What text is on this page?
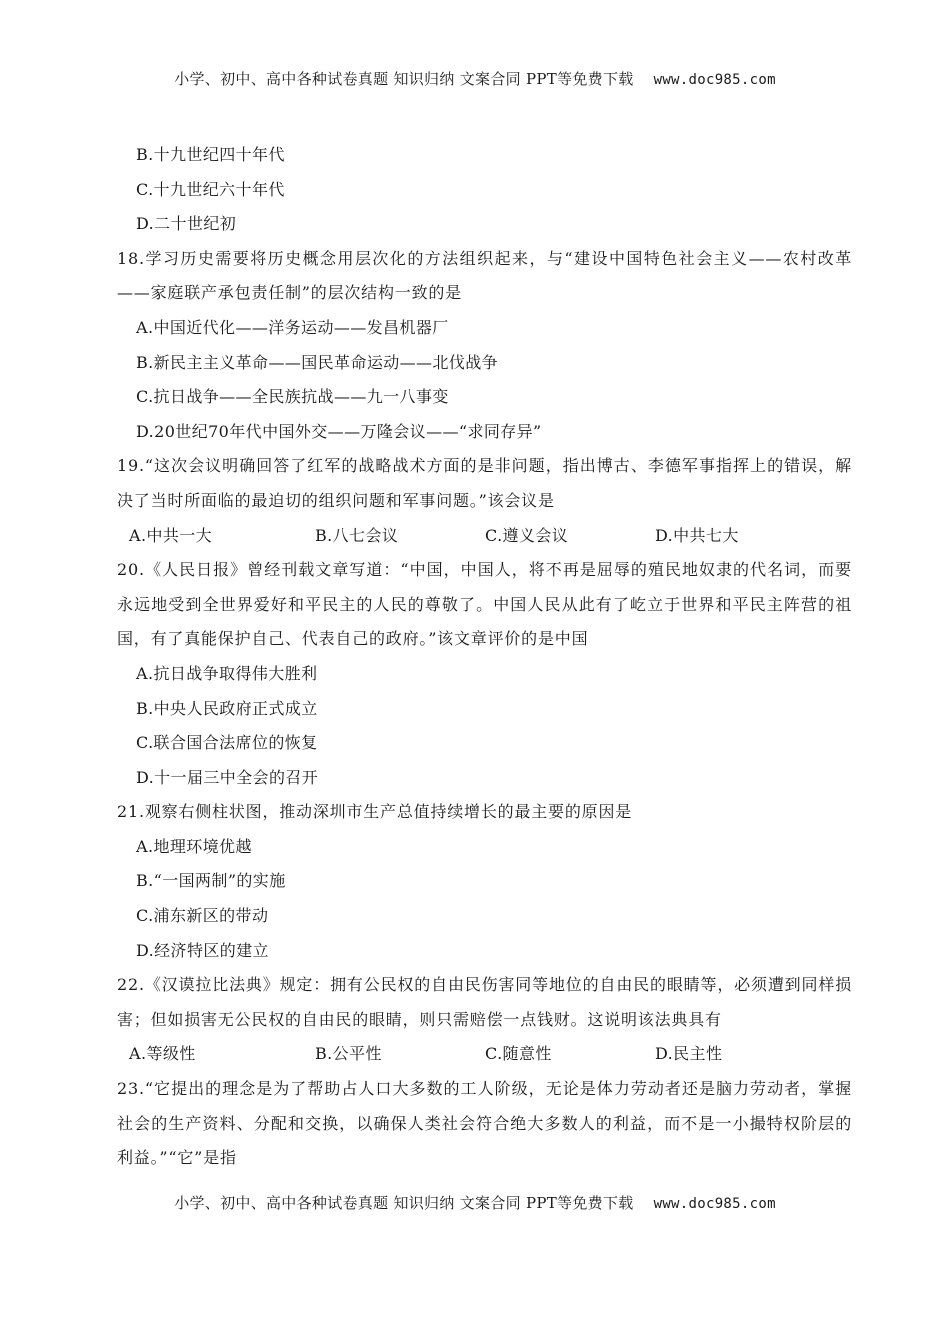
小学、初中、高中各种试卷真题 知识归纳 文案合同 PPT等免费下载 www.doc985.com
B.十九世纪四十年代
C.十九世纪六十年代
D.二十世纪初
18.学习历史需要将历史概念用层次化的方法组织起来，与“建设中国特色社会主义——农村改革——家庭联产承包责任制”的层次结构一致的是
A.中国近代化——洋务运动——发昌机器厂
B.新民主主义革命——国民革命运动——北伐战争
C.抗日战争——全民族抗战——九一八事变
D.20世纪70年代中国外交——万隆会议——“求同存异”
19.“这次会议明确回答了红军的战略战术方面的是非问题，指出博古、李德军事指挥上的错误，解决了当时所面临的最迫切的组织问题和军事问题。”该会议是
A.中共一大	B.八七会议	C.遵义会议	D.中共七大
20.《人民日报》曾经刊载文章写道：“中国，中国人，将不再是屈辱的殖民地奴隶的代名词，而要永远地受到全世界爱好和平民主的人民的尊敬了。中国人民从此有了屹立于世界和平民主阵营的祖国，有了真能保护自己、代表自己的政府。”该文章评价的是中国
A.抗日战争取得伟大胜利
B.中央人民政府正式成立
C.联合国合法席位的恢复
D.十一届三中全会的召开
21.观察右侧柱状图，推动深圳市生产总值持续增长的最主要的原因是
A.地理环境优越
B.“一国两制”的实施
C.浦东新区的带动
D.经济特区的建立
22.《汉谟拉比法典》规定：拥有公民权的自由民伤害同等地位的自由民的眼睛等，必须遭到同样损害；但如损害无公民权的自由民的眼睛，则只需赔偿一点钱财。这说明该法典具有
A.等级性	B.公平性	C.随意性	D.民主性
23.“它提出的理念是为了帮助占人口大多数的工人阶级，无论是体力劳动者还是脑力劳动者，掌握社会的生产资料、分配和交换，以确保人类社会符合绝大多数人的利益，而不是一小撮特权阶层的利益。”“它”是指
小学、初中、高中各种试卷真题 知识归纳 文案合同 PPT等免费下载 www.doc985.com
